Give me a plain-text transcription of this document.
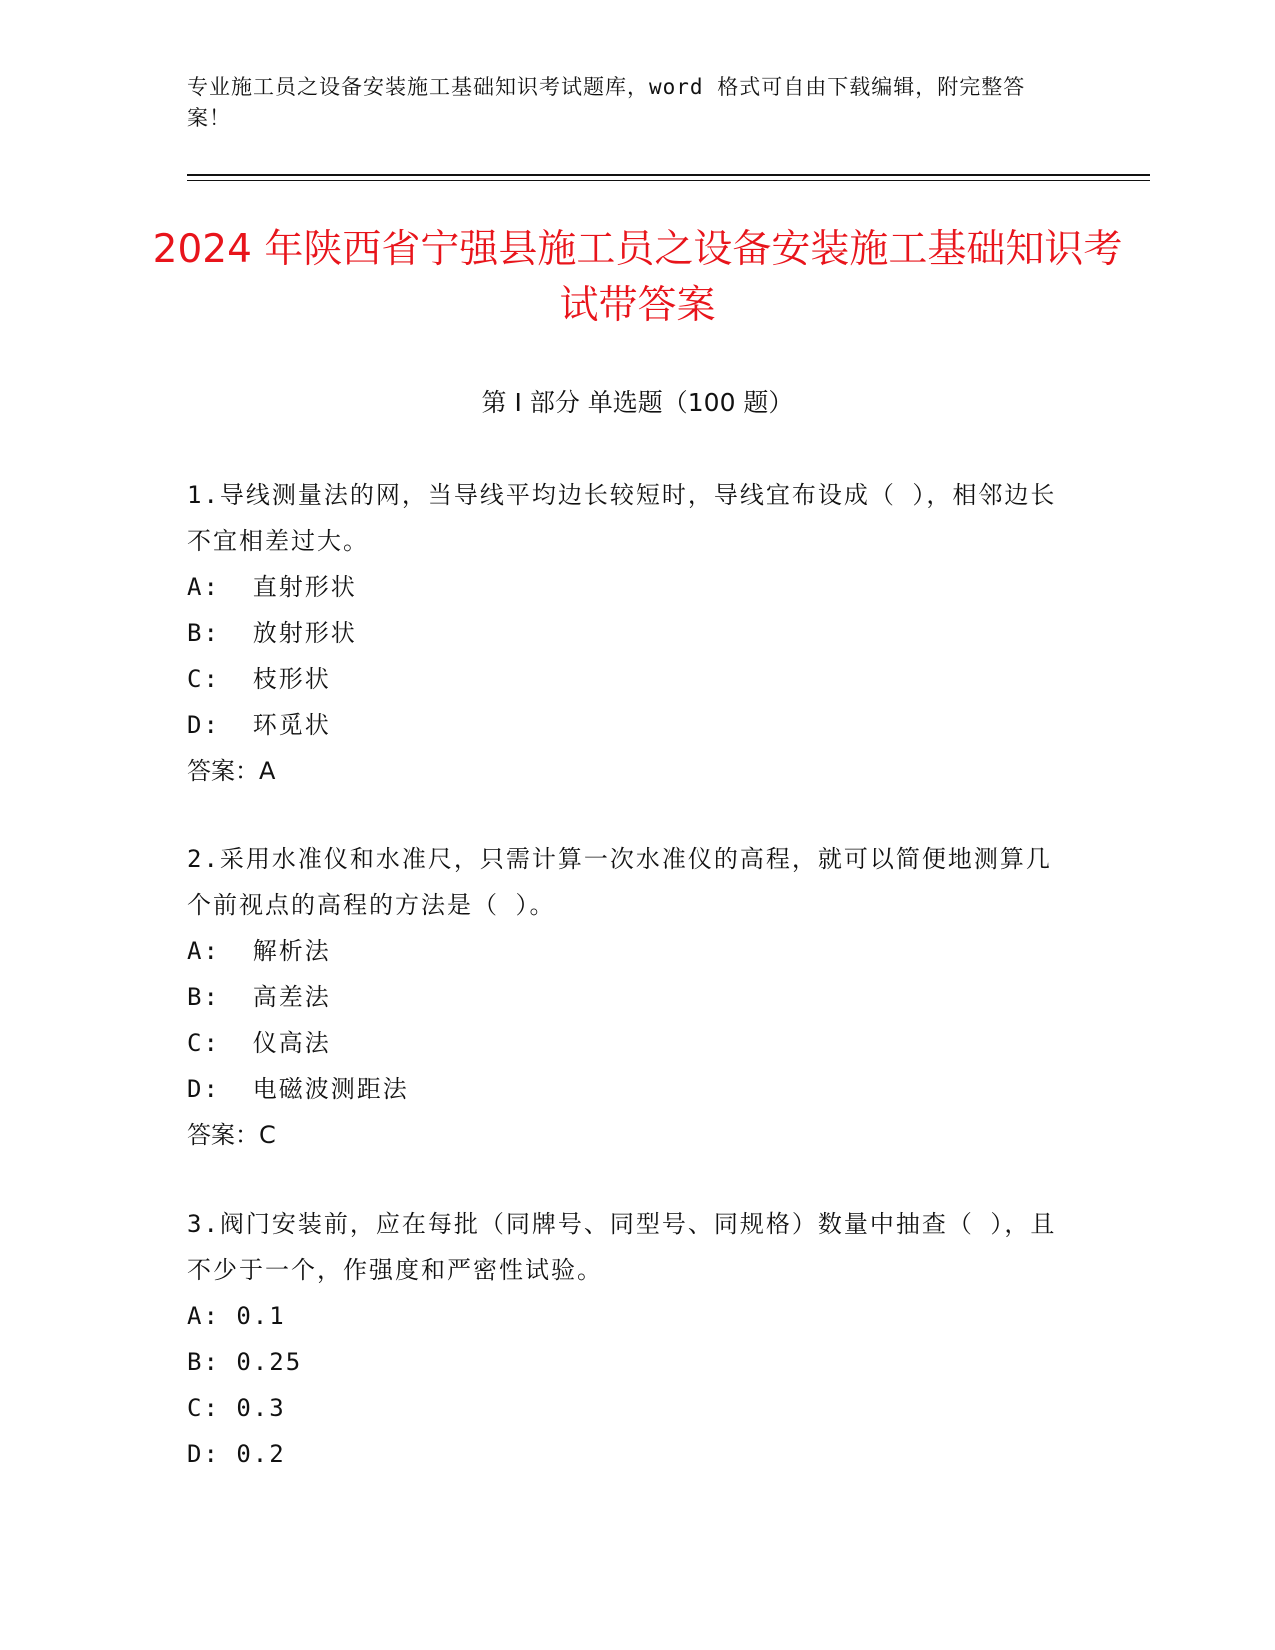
专业施工员之设备安装施工基础知识考试题库，word 格式可自由下载编辑，附完整答案！
2024 年陕西省宁强县施工员之设备安装施工基础知识考试带答案
第 I 部分 单选题（100 题）

1.导线测量法的网，当导线平均边长较短时，导线宜布设成（ ），相邻边长不宜相差过大。

A:  直射形状

B:  放射形状

C:  枝形状

D:  环觅状

答案：A

2.采用水准仪和水准尺，只需计算一次水准仪的高程，就可以简便地测算几个前视点的高程的方法是（ ）。

A:  解析法

B:  高差法

C:  仪高法

D:  电磁波测距法

答案：C

3.阀门安装前，应在每批（同牌号、同型号、同规格）数量中抽查（ ），且不少于一个，作强度和严密性试验。

A: 0.1

B: 0.25

C: 0.3

D: 0.2
